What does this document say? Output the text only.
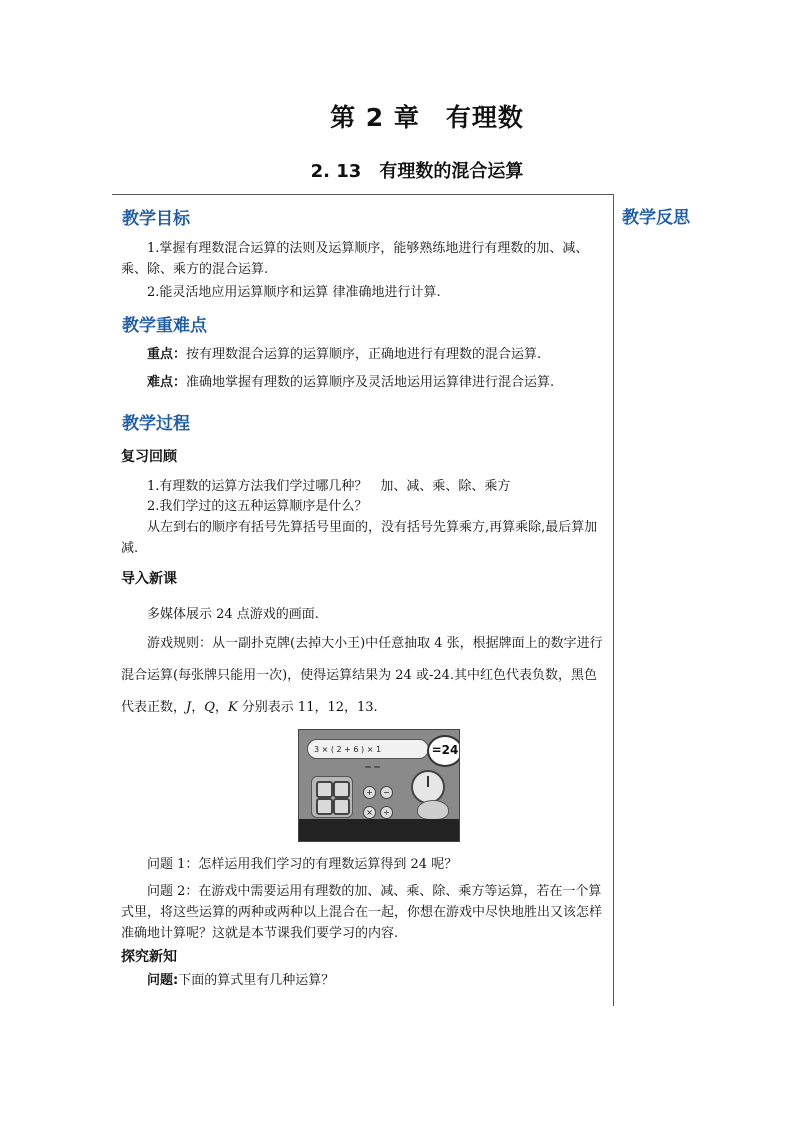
第 2 章　有理数
2. 13　有理数的混合运算
教学反思
教学目标
1.掌握有理数混合运算的法则及运算顺序，能够熟练地进行有理数的加、减、乘、除、乘方的混合运算.
2.能灵活地应用运算顺序和运算 律准确地进行计算.
教学重难点
重点：按有理数混合运算的运算顺序，正确地进行有理数的混合运算.
难点：准确地掌握有理数的运算顺序及灵活地运用运算律进行混合运算.
教学过程
复习回顾
1.有理数的运算方法我们学过哪几种？　加、减、乘、除、乘方
2.我们学过的这五种运算顺序是什么？
从左到右的顺序有括号先算括号里面的，没有括号先算乘方,再算乘除,最后算加减.
导入新课
多媒体展示 24 点游戏的画面.
游戏规则：从一副扑克牌(去掉大小王)中任意抽取 4 张，根据牌面上的数字进行混合运算(每张牌只能用一次)，使得运算结果为 24 或-24.其中红色代表负数，黑色代表正数，J，Q，K 分别表示 11，12，13.
3 × ( 2 + 6 ) × 1	=24
+ − × ÷
问题 1：怎样运用我们学习的有理数运算得到 24 呢？
问题 2：在游戏中需要运用有理数的加、减、乘、除、乘方等运算，若在一个算式里，将这些运算的两种或两种以上混合在一起，你想在游戏中尽快地胜出又该怎样准确地计算呢？这就是本节课我们要学习的内容.
探究新知
问题:下面的算式里有几种运算？
